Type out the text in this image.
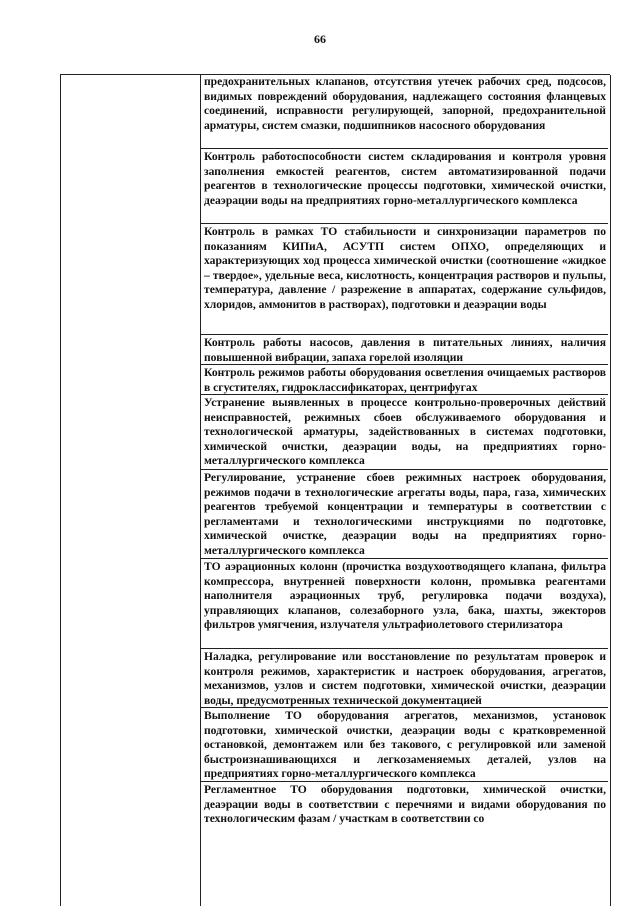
66
предохранительных клапанов, отсутствия утечек рабочих сред, подсосов, видимых повреждений оборудования, надлежащего состояния фланцевых соединений, исправности регулирующей, запорной, предохранительной арматуры, систем смазки, подшипников насосного оборудования
Контроль работоспособности систем складирования и контроля уровня заполнения емкостей реагентов, систем автоматизированной подачи реагентов в технологические процессы подготовки, химической очистки, деаэрации воды на предприятиях горно-металлургического комплекса
Контроль в рамках ТО стабильности и синхронизации параметров по показаниям КИПиА, АСУТП систем ОПХО, определяющих и характеризующих ход процесса химической очистки (соотношение «жидкое – твердое», удельные веса, кислотность, концентрация растворов и пульпы, температура, давление / разрежение в аппаратах, содержание сульфидов, хлоридов, аммонитов в растворах), подготовки и деаэрации воды
Контроль работы насосов, давления в питательных линиях, наличия повышенной вибрации, запаха горелой изоляции
Контроль режимов работы оборудования осветления очищаемых растворов в сгустителях, гидроклассификаторах, центрифугах
Устранение выявленных в процессе контрольно-проверочных действий неисправностей, режимных сбоев обслуживаемого оборудования и технологической арматуры, задействованных в системах подготовки, химической очистки, деаэрации воды, на предприятиях горно-металлургического комплекса
Регулирование, устранение сбоев режимных настроек оборудования, режимов подачи в технологические агрегаты воды, пара, газа, химических реагентов требуемой концентрации и температуры в соответствии с регламентами и технологическими инструкциями по подготовке, химической очистке, деаэрации воды на предприятиях горно-металлургического комплекса
ТО аэрационных колонн (прочистка воздухоотводящего клапана, фильтра компрессора, внутренней поверхности колонн, промывка реагентами наполнителя аэрационных труб, регулировка подачи воздуха), управляющих клапанов, солезаборного узла, бака, шахты, эжекторов фильтров умягчения, излучателя ультрафиолетового стерилизатора
Наладка, регулирование или восстановление по результатам проверок и контроля режимов, характеристик и настроек оборудования, агрегатов, механизмов, узлов и систем подготовки, химической очистки, деаэрации воды, предусмотренных технической документацией
Выполнение ТО оборудования агрегатов, механизмов, установок подготовки, химической очистки, деаэрации воды с кратковременной остановкой, демонтажем или без такового, с регулировкой или заменой быстроизнашивающихся и легкозаменяемых деталей, узлов на предприятиях горно-металлургического комплекса
Регламентное ТО оборудования подготовки, химической очистки, деаэрации воды в соответствии с перечнями и видами оборудования по технологическим фазам / участкам в соответствии со
